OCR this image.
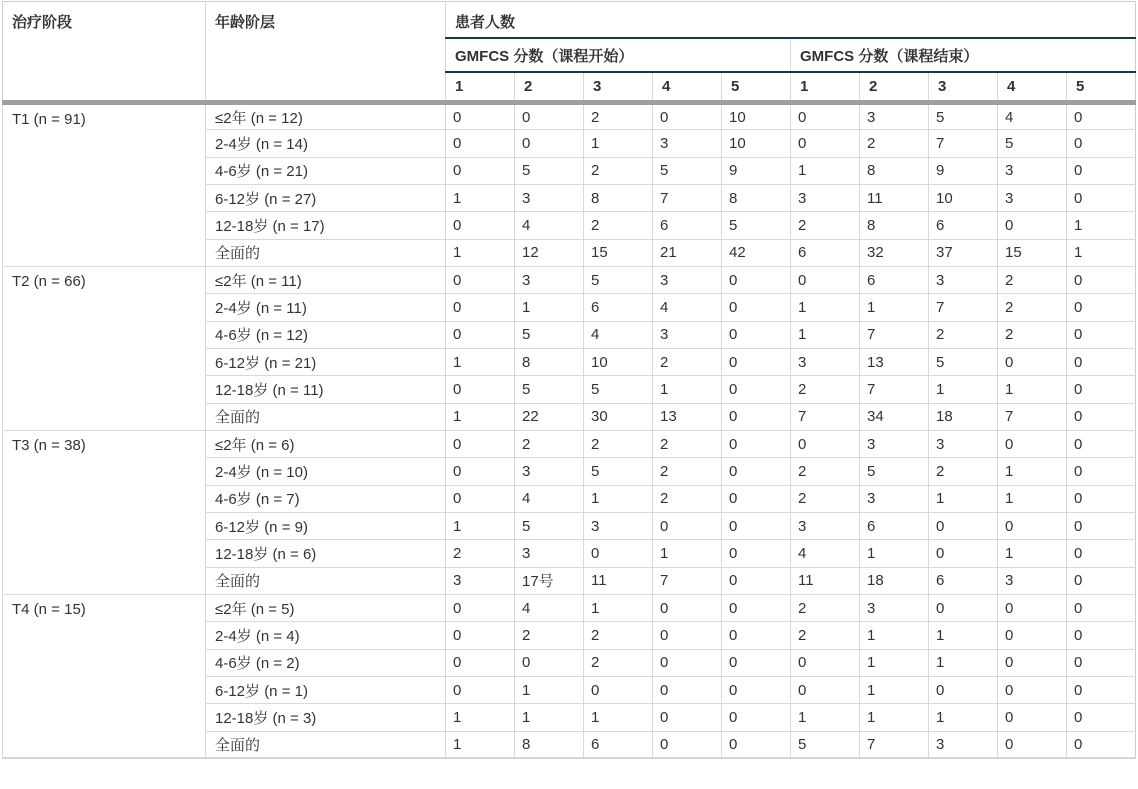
治疗阶段	年龄阶层	患者人数									
		GMFCS 分数（课程开始）					GMFCS 分数（课程结束）				
		1	2	3	4	5	1	2	3	4	5
T1 (n = 91)	≤2年 (n = 12)	0	0	2	0	10	0	3	5	4	0
	2-4岁 (n = 14)	0	0	1	3	10	0	2	7	5	0
	4-6岁 (n = 21)	0	5	2	5	9	1	8	9	3	0
	6-12岁 (n = 27)	1	3	8	7	8	3	11	10	3	0
	12-18岁 (n = 17)	0	4	2	6	5	2	8	6	0	1
	全面的	1	12	15	21	42	6	32	37	15	1
T2 (n = 66)	≤2年 (n = 11)	0	3	5	3	0	0	6	3	2	0
	2-4岁 (n = 11)	0	1	6	4	0	1	1	7	2	0
	4-6岁 (n = 12)	0	5	4	3	0	1	7	2	2	0
	6-12岁 (n = 21)	1	8	10	2	0	3	13	5	0	0
	12-18岁 (n = 11)	0	5	5	1	0	2	7	1	1	0
	全面的	1	22	30	13	0	7	34	18	7	0
T3 (n = 38)	≤2年 (n = 6)	0	2	2	2	0	0	3	3	0	0
	2-4岁 (n = 10)	0	3	5	2	0	2	5	2	1	0
	4-6岁 (n = 7)	0	4	1	2	0	2	3	1	1	0
	6-12岁 (n = 9)	1	5	3	0	0	3	6	0	0	0
	12-18岁 (n = 6)	2	3	0	1	0	4	1	0	1	0
	全面的	3	17号	11	7	0	11	18	6	3	0
T4 (n = 15)	≤2年 (n = 5)	0	4	1	0	0	2	3	0	0	0
	2-4岁 (n = 4)	0	2	2	0	0	2	1	1	0	0
	4-6岁 (n = 2)	0	0	2	0	0	0	1	1	0	0
	6-12岁 (n = 1)	0	1	0	0	0	0	1	0	0	0
	12-18岁 (n = 3)	1	1	1	0	0	1	1	1	0	0
	全面的	1	8	6	0	0	5	7	3	0	0
